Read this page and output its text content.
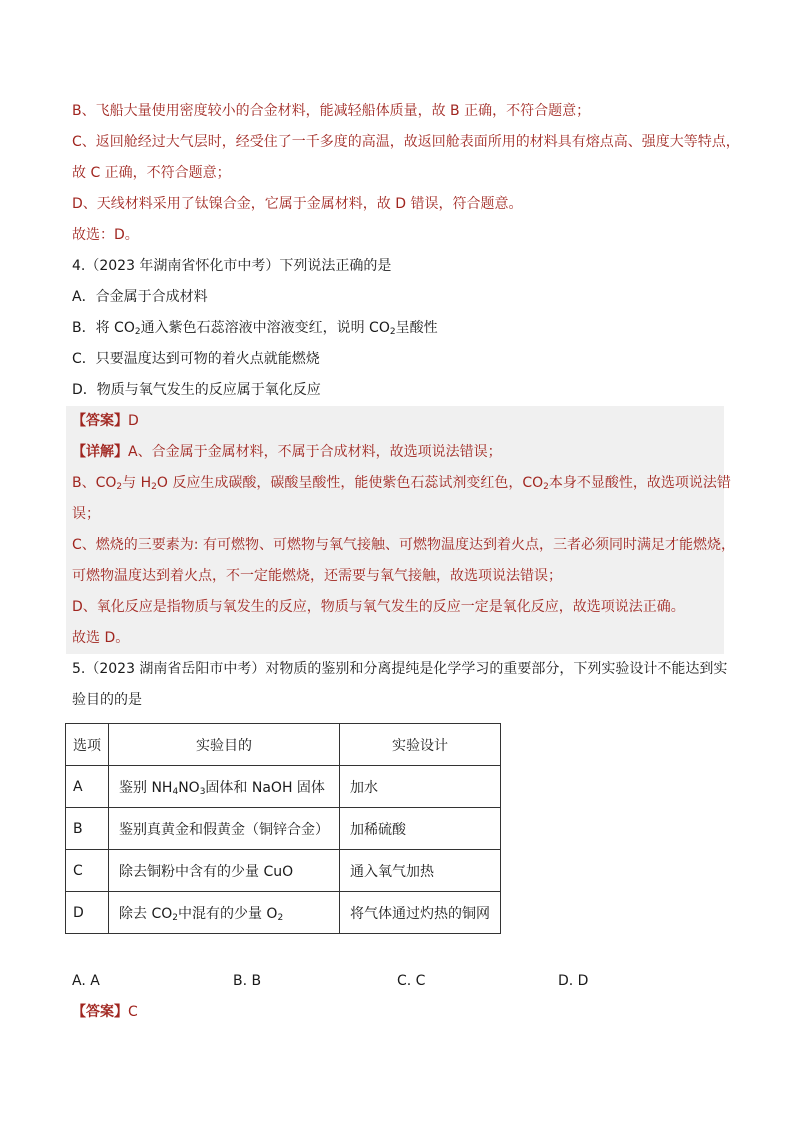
B、飞船大量使用密度较小的合金材料，能减轻船体质量，故 B 正确，不符合题意；
C、返回舱经过大气层时，经受住了一千多度的高温，故返回舱表面所用的材料具有熔点高、强度大等特点，
故 C 正确，不符合题意；
D、天线材料采用了钛镍合金，它属于金属材料，故 D 错误，符合题意。
故选：D。
4.（2023 年湖南省怀化市中考）下列说法正确的是
A．合金属于合成材料
B．将 $CO_2$通入紫色石蕊溶液中溶液变红，说明 $CO_2$呈酸性
C．只要温度达到可物的着火点就能燃烧
D．物质与氧气发生的反应属于氧化反应
【答案】D
【详解】A、合金属于金属材料，不属于合成材料，故选项说法错误；
B、$CO_2$与 $H_2O$ 反应生成碳酸，碳酸呈酸性，能使紫色石蕊试剂变红色，$CO_2$本身不显酸性，故选项说法错
误；
C、燃烧的三要素为: 有可燃物、可燃物与氧气接触、可燃物温度达到着火点，三者必须同时满足才能燃烧，
可燃物温度达到着火点，不一定能燃烧，还需要与氧气接触，故选项说法错误；
D、氧化反应是指物质与氧发生的反应，物质与氧气发生的反应一定是氧化反应，故选项说法正确。
故选 D。
5.（2023 湖南省岳阳市中考）对物质的鉴别和分离提纯是化学学习的重要部分，下列实验设计不能达到实
验目的的是
选项	实验目的	实验设计
A	鉴别 $NH_4NO_3$固体和 NaOH 固体	加水
B	鉴别真黄金和假黄金（铜锌合金）	加稀硫酸
C	除去铜粉中含有的少量 CuO	通入氧气加热
D	除去 $CO_2$中混有的少量 $O_2$	将气体通过灼热的铜网
A. A	B. B	C. C	D. D
【答案】C
